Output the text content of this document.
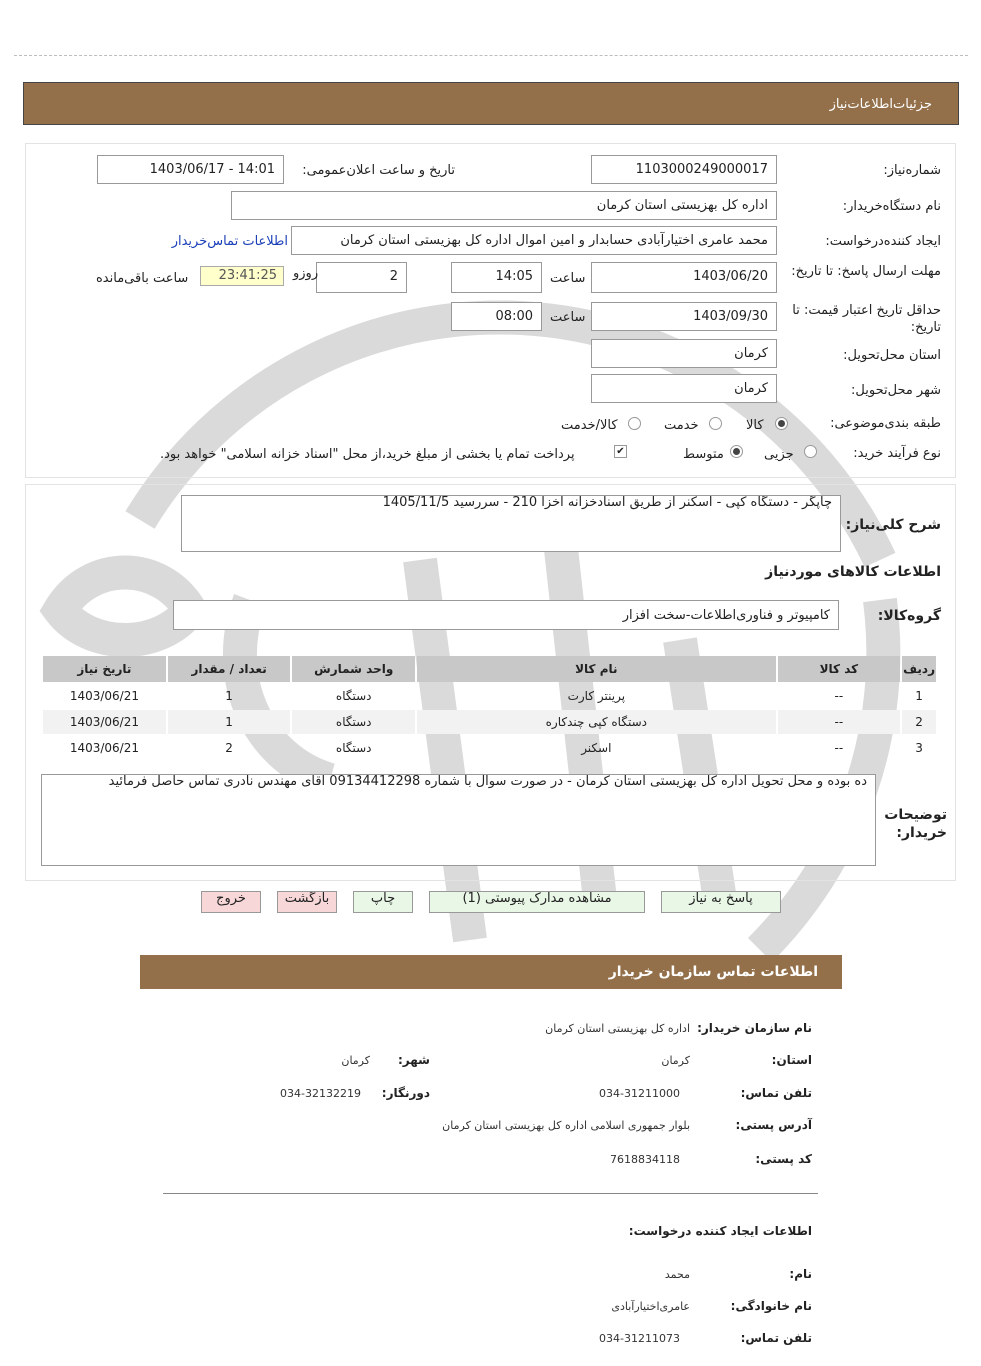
جزئیات‌اطلاعات‌نیاز
شماره‌نیاز:
1103000249000017
تاریخ و ساعت اعلان‌عمومی:
1403/06/17 - 14:01
نام دستگاه‌خریدار:
اداره کل بهزیستی استان کرمان
ایجاد کننده‌درخواست:
محمد عامری اختیارآبادی حسابدار و امین اموال اداره کل بهزیستی استان کرمان
اطلاعات تماس‌خریدار
مهلت ارسال پاسخ: تا تاریخ:
1403/06/20
ساعت
14:05
2
روزو
23:41:25
ساعت باقی‌مانده
حداقل تاریخ اعتبار قیمت: تا تاریخ:
1403/09/30
ساعت
08:00
استان محل‌تحویل:
کرمان
شهر محل‌تحویل:
کرمان
طبقه بندی‌موضوعی:
کالا
خدمت
کالا/خدمت
نوع فرآیند خرید:
جزیی
متوسط
✔
پرداخت تمام یا بخشی از مبلغ خرید،از محل "اسناد خزانه اسلامی" خواهد بود.
شرح کلی‌نیاز:
چاپگر - دستگاه کپی - اسکنر از طریق اسنادخزانه اخزا 210 - سررسید 1405/11/5
اطلاعات کالاهای مورد‌نیاز
گروه‌کالا:
کامپیوتر و فناوری‌اطلاعات-سخت افزار
ردیف	کد کالا	نام کالا	واحد شمارش	تعداد / مقدار	تاریخ نیاز
1	--	پرینتر کارت	دستگاه	1	1403/06/21
2	--	دستگاه کپی چندکاره	دستگاه	1	1403/06/21
3	--	اسکنر	دستگاه	2	1403/06/21
توضیحات خریدار:
ده بوده و محل تحویل اداره کل بهزیستی استان کرمان - در صورت سوال با شماره 09134412298 آقای مهندس نادری تماس حاصل فرمائید
پاسخ به نیاز
مشاهده مدارک پیوستی (1)
چاپ
بازگشت
خروج
اطلاعات تماس سازمان خریدار
نام سازمان خریدار:
اداره کل بهزیستی استان کرمان
استان:
کرمان
شهر:
کرمان
تلفن تماس:
034-31211000
دورنگار:
034-32132219
آدرس پستی:
بلوار جمهوری اسلامی اداره کل بهزیستی استان کرمان
کد پستی:
7618834118
اطلاعات ایجاد کننده درخواست:
نام:
محمد
نام خانوادگی:
عامری‌اختیارآبادی
تلفن تماس:
034-31211073
